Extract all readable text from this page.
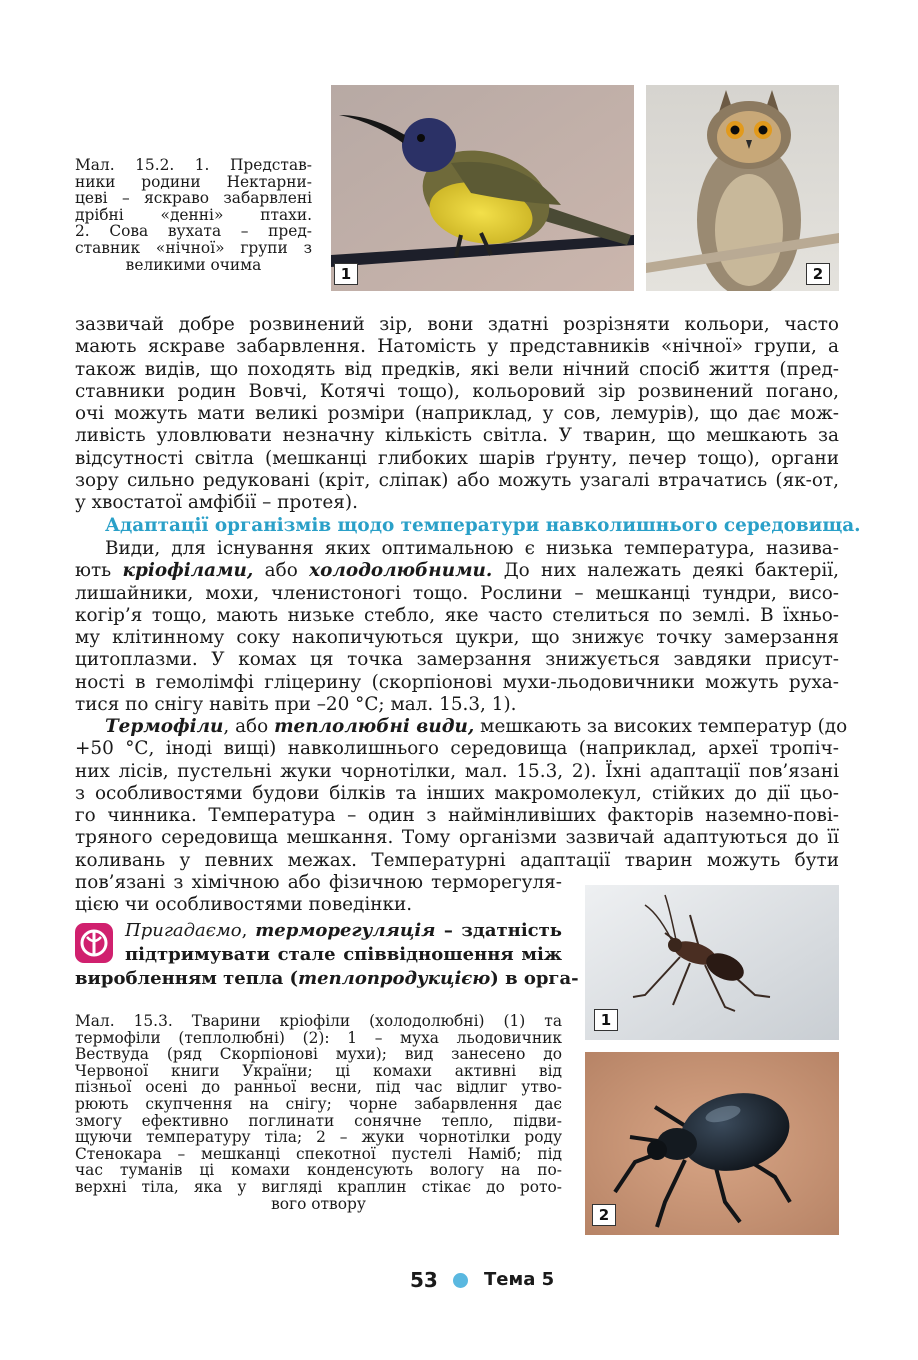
Мал. 15.2. 1. Представ-
ники родини Нектарни-
цеві – яскраво забарвлені
дрібні «денні» птахи.
2. Сова вухата – пред-
ставник «нічної» групи з
великими очима
1	2
зазвичай добре розвинений зір, вони здатні розрізняти кольори, часто
мають яскраве забарвлення. Натомість у представників «нічної» групи, а
також видів, що походять від предків, які вели нічний спосіб життя (пред-
ставники родин Вовчі, Котячі тощо), кольоровий зір розвинений погано,
очі можуть мати великі розміри (наприклад, у сов, лемурів), що дає мож-
ливість уловлювати незначну кількість світла. У тварин, що мешкають за
відсутності світла (мешканці глибоких шарів ґрунту, печер тощо), органи
зору сильно редуковані (кріт, сліпак) або можуть узагалі втрачатись (як-от,
у хвостатої амфібії – протея).
Адаптації організмів щодо температури навколишнього середовища.
Види, для існування яких оптимальною є низька температура, назива-
ють кріофілами, або холодолюбними. До них належать деякі бактерії,
лишайники, мохи, членистоногі тощо. Рослини – мешканці тундри, висо-
когір’я тощо, мають низьке стебло, яке часто стелиться по землі. В їхньо-
му клітинному соку накопичуються цукри, що знижує точку замерзання
цитоплазми. У комах ця точка замерзання знижується завдяки присут-
ності в гемолімфі гліцерину (скорпіонові мухи-льодовичники можуть руха-
тися по снігу навіть при –20 °С; мал. 15.3, 1).
Термофіли, або теплолюбні види, мешкають за високих температур (до
+50 °С, іноді вищі) навколишнього середовища (наприклад, археї тропіч-
них лісів, пустельні жуки чорнотілки, мал. 15.3, 2). Їхні адаптації пов’язані
з особливостями будови білків та інших макромолекул, стійких до дії цьо-
го чинника. Температура – один з наймінливіших факторів наземно-пові-
тряного середовища мешкання. Тому організми зазвичай адаптуються до її
коливань у певних межах. Температурні адаптації тварин можуть бути
пов’язані з хімічною або фізичною терморегуля-
цією чи особливостями поведінки.
Пригадаємо, терморегуляція – здатність
підтримувати сталe співвідношення між
виробленням тепла (теплопродукцією) в орга-
Мал. 15.3. Тварини кріофіли (холодолюбні) (1) та
термофіли (теплолюбні) (2): 1 – муха льодовичник
Вествуда (ряд Скорпіонові мухи); вид занесено до
Червоної книги України; ці комахи активні від
пізньої осені до ранньої весни, під час відлиг утво-
рюють скупчення на снігу; чорне забарвлення дає
змогу ефективно поглинати сонячне тепло, підви-
щуючи температуру тіла; 2 – жуки чорнотілки роду
Стенокара – мешканці спекотної пустелі Наміб; під
час туманів ці комахи конденсують вологу на по-
верхні тіла, яка у вигляді краплин стікає до рото-
вого отвору
1
2
53	Тема 5
